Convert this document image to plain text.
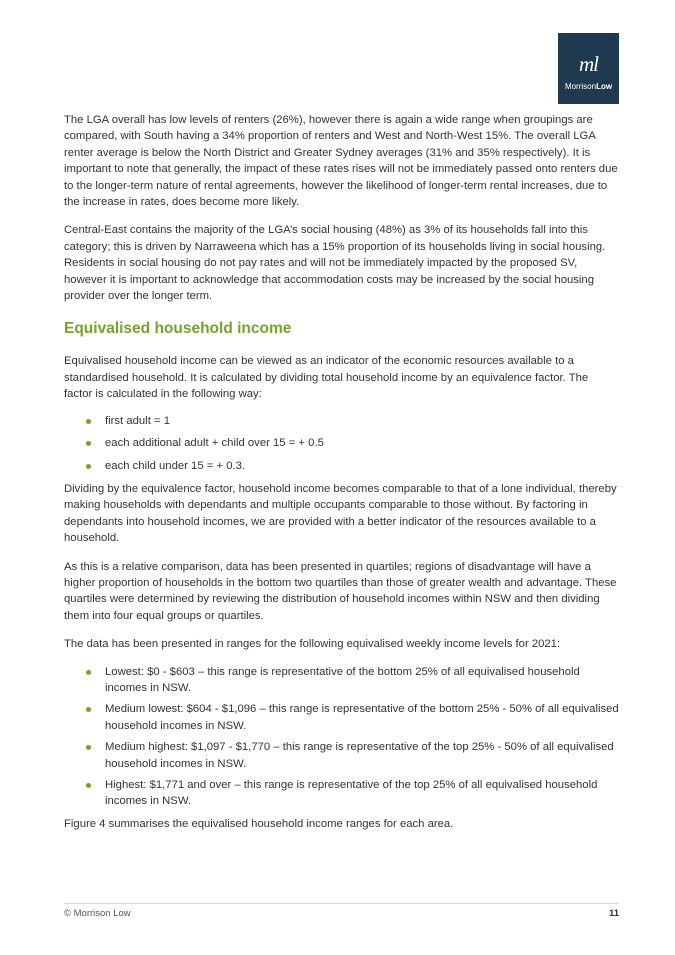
ml
MorrisonLow

The LGA overall has low levels of renters (26%), however there is again a wide range when groupings are compared, with South having a 34% proportion of renters and West and North-West 15%. The overall LGA renter average is below the North District and Greater Sydney averages (31% and 35% respectively). It is important to note that generally, the impact of these rates rises will not be immediately passed onto renters due to the longer-term nature of rental agreements, however the likelihood of longer-term rental increases, due to the increase in rates, does become more likely.

Central-East contains the majority of the LGA’s social housing (48%) as 3% of its households fall into this category; this is driven by Narraweena which has a 15% proportion of its households living in social housing. Residents in social housing do not pay rates and will not be immediately impacted by the proposed SV, however it is important to acknowledge that accommodation costs may be increased by the social housing provider over the longer term.

Equivalised household income

Equivalised household income can be viewed as an indicator of the economic resources available to a standardised household. It is calculated by dividing total household income by an equivalence factor. The factor is calculated in the following way:

first adult = 1
each additional adult + child over 15 = + 0.5
each child under 15 = + 0.3.

Dividing by the equivalence factor, household income becomes comparable to that of a lone individual, thereby making households with dependants and multiple occupants comparable to those without. By factoring in dependants into household incomes, we are provided with a better indicator of the resources available to a household.

As this is a relative comparison, data has been presented in quartiles; regions of disadvantage will have a higher proportion of households in the bottom two quartiles than those of greater wealth and advantage. These quartiles were determined by reviewing the distribution of household incomes within NSW and then dividing them into four equal groups or quartiles.

The data has been presented in ranges for the following equivalised weekly income levels for 2021:

Lowest: $0 - $603 – this range is representative of the bottom 25% of all equivalised household incomes in NSW.
Medium lowest: $604 - $1,096 – this range is representative of the bottom 25% - 50% of all equivalised household incomes in NSW.
Medium highest: $1,097 - $1,770 – this range is representative of the top 25% - 50% of all equivalised household incomes in NSW.
Highest: $1,771 and over – this range is representative of the top 25% of all equivalised household incomes in NSW.

Figure 4 summarises the equivalised household income ranges for each area.

© Morrison Low	11
